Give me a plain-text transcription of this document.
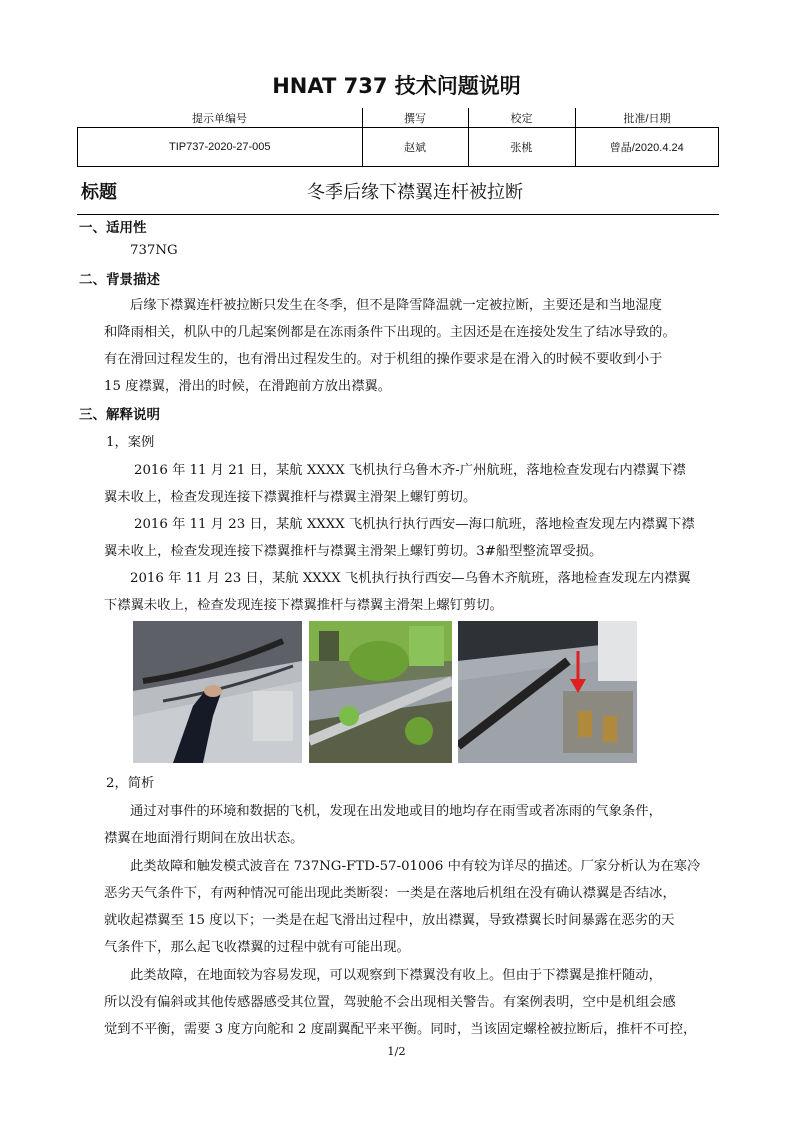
HNAT 737 技术问题说明
提示单编号	撰写	校定	批准/日期
TIP737-2020-27-005	赵斌	张桃	曾晶/2020.4.24
标题	冬季后缘下襟翼连杆被拉断
一、适用性
737NG
二、背景描述
后缘下襟翼连杆被拉断只发生在冬季，但不是降雪降温就一定被拉断，主要还是和当地湿度
和降雨相关，机队中的几起案例都是在冻雨条件下出现的。主因还是在连接处发生了结冰导致的。
有在滑回过程发生的，也有滑出过程发生的。对于机组的操作要求是在滑入的时候不要收到小于
15 度襟翼，滑出的时候，在滑跑前方放出襟翼。
三、解释说明
1，案例
2016 年 11 月 21 日，某航 XXXX 飞机执行乌鲁木齐-广州航班，落地检查发现右内襟翼下襟
翼未收上，检查发现连接下襟翼推杆与襟翼主滑架上螺钉剪切。
2016 年 11 月 23 日，某航 XXXX 飞机执行执行西安—海口航班，落地检查发现左内襟翼下襟
翼未收上，检查发现连接下襟翼推杆与襟翼主滑架上螺钉剪切。3#船型整流罩受损。
2016 年 11 月 23 日，某航 XXXX 飞机执行执行西安—乌鲁木齐航班，落地检查发现左内襟翼
下襟翼未收上，检查发现连接下襟翼推杆与襟翼主滑架上螺钉剪切。
2，简析
通过对事件的环境和数据的飞机，发现在出发地或目的地均存在雨雪或者冻雨的气象条件，
襟翼在地面滑行期间在放出状态。
此类故障和触发模式波音在 737NG-FTD-57-01006 中有较为详尽的描述。厂家分析认为在寒冷
恶劣天气条件下，有两种情况可能出现此类断裂：一类是在落地后机组在没有确认襟翼是否结冰，
就收起襟翼至 15 度以下；一类是在起飞滑出过程中，放出襟翼，导致襟翼长时间暴露在恶劣的天
气条件下，那么起飞收襟翼的过程中就有可能出现。
此类故障，在地面较为容易发现，可以观察到下襟翼没有收上。但由于下襟翼是推杆随动，
所以没有偏斜或其他传感器感受其位置，驾驶舱不会出现相关警告。有案例表明，空中是机组会感
觉到不平衡，需要 3 度方向舵和 2 度副翼配平来平衡。同时，当该固定螺栓被拉断后，推杆不可控，
1/2
